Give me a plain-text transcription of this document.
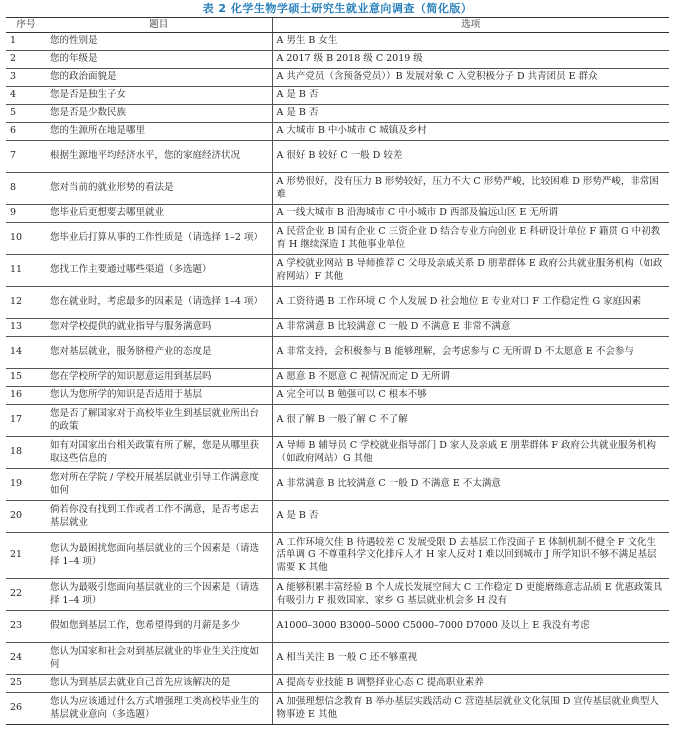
表 2 化学生物学硕士研究生就业意向调查（简化版）
序号	题目	选项
1	您的性别是	A 男生 B 女生
2	您的年级是	A 2017 级 B 2018 级 C 2019 级
3	您的政治面貌是	A 共产党员（含预备党员））B 发展对象 C 入党积极分子 D 共青团员 E 群众
4	您是否是独生子女	A 是 B 否
5	您是否是少数民族	A 是 B 否
6	您的生源所在地是哪里	A 大城市 B 中小城市 C 城镇及乡村
7	根据生源地平均经济水平，您的家庭经济状况	A 很好 B 较好 C 一般 D 较差
8	您对当前的就业形势的看法是	A 形势很好，没有压力 B 形势较好，压力不大 C 形势严峻，比较困难 D 形势严峻，非常困难
9	您毕业后更想要去哪里就业	A 一线大城市 B 沿海城市 C 中小城市 D 西部及偏远山区 E 无所谓
10	您毕业后打算从事的工作性质是（请选择 1–2 项）	A 民营企业 B 国有企业 C 三资企业 D 结合专业方向创业 E 科研设计单位 F 籍贯 G 中初教育 H 继续深造 I 其他事业单位
11	您找工作主要通过哪些渠道（多选题）	A 学校就业网站 B 导师推荐 C 父母及亲戚关系 D 朋辈群体 E 政府公共就业服务机构（如政府网站）F 其他
12	您在就业时，考虑最多的因素是（请选择 1–4 项）	A 工资待遇 B 工作环境 C 个人发展 D 社会地位 E 专业对口 F 工作稳定性 G 家庭因素
13	您对学校提供的就业指导与服务满意吗	A 非常满意 B 比较满意 C 一般 D 不满意 E 非常不满意
14	您对基层就业，服务脐橙产业的态度是	A 非常支持，会积极参与 B 能够理解，会考虑参与 C 无所谓 D 不太愿意 E 不会参与
15	您在学校所学的知识愿意运用到基层吗	A 愿意 B 不愿意 C 视情况而定 D 无所谓
16	您认为您所学的知识是否适用于基层	A 完全可以 B 勉强可以 C 根本不够
17	您是否了解国家对于高校毕业生到基层就业所出台的政策	A 很了解 B 一般了解 C 不了解
18	如有对国家出台相关政策有所了解，您是从哪里获取这些信息的	A 导师 B 辅导员 C 学校就业指导部门 D 家人及亲戚 E 朋辈群体 F 政府公共就业服务机构（如政府网站）G 其他
19	您对所在学院 / 学校开展基层就业引导工作满意度如何	A 非常满意 B 比较满意 C 一般 D 不满意 E 不太满意
20	倘若你没有找到工作或者工作不满意，是否考虑去基层就业	A 是 B 否
21	您认为最困扰您面向基层就业的三个因素是（请选择 1–4 项）	A 工作环境欠佳 B 待遇较差 C 发展受限 D 去基层工作没面子 E 体制机制不健全 F 文化生活单调 G 不尊重科学文化排斥人才 H 家人反对 I 难以回到城市 J 所学知识不够不满足基层需要 K 其他
22	您认为最吸引您面向基层就业的三个因素是（请选择 1–4 项）	A 能够积累丰富经验 B 个人成长发展空间大 C 工作稳定 D 更能磨练意志品质 E 优惠政策具有吸引力 F 报效国家、家乡 G 基层就业机会多 H 没有
23	假如您到基层工作，您希望得到的月薪是多少	A1000–3000 B3000–5000 C5000–7000 D7000 及以上 E 我没有考虑
24	您认为国家和社会对到基层就业的毕业生关注度如何	A 相当关注 B 一般 C 还不够重视
25	您认为到基层去就业自己首先应该解决的是	A 提高专业技能 B 调整择业心态 C 提高职业素养
26	您认为应该通过什么方式增强理工类高校毕业生的基层就业意向（多选题）	A 加强理想信念教育 B 举办基层实践活动 C 营造基层就业文化氛围 D 宣传基层就业典型人物事迹 E 其他
